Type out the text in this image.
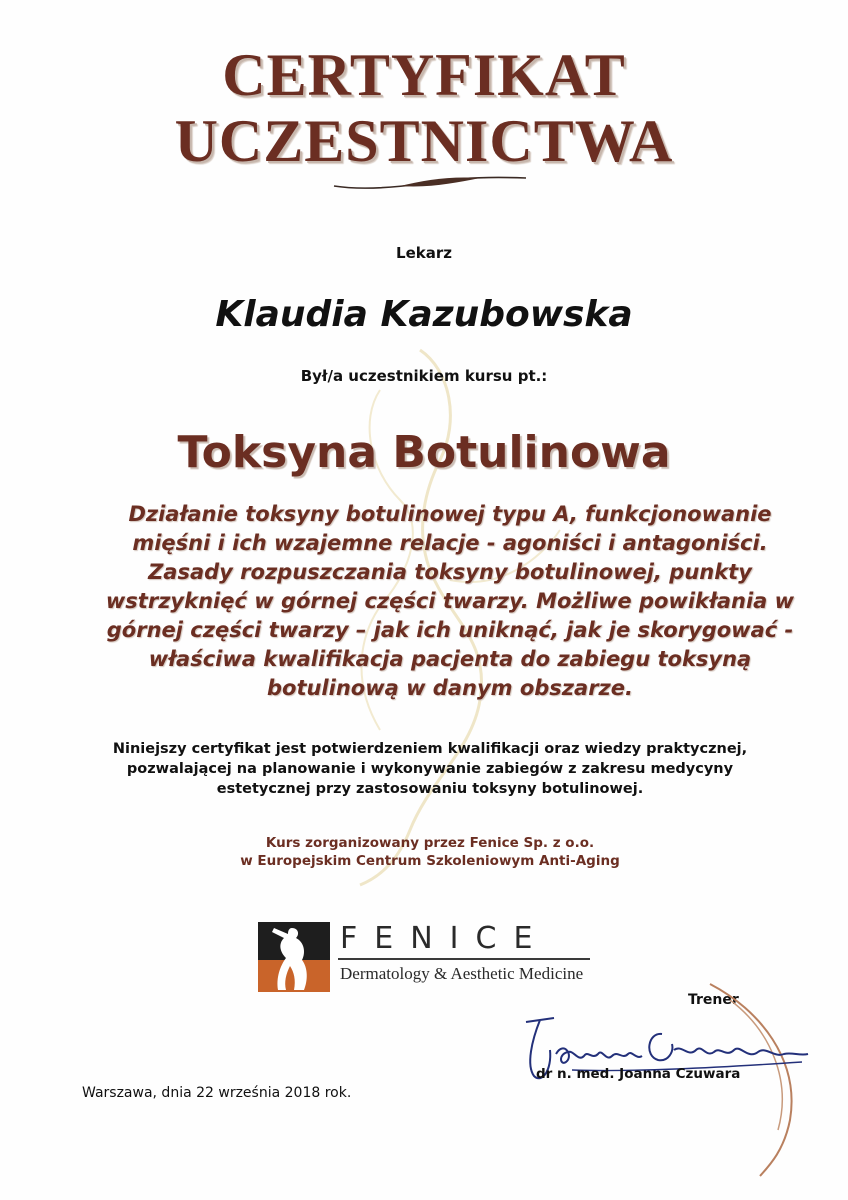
CERTYFIKAT
UCZESTNICTWA
Lekarz
Klaudia Kazubowska
Był/a uczestnikiem kursu pt.:
Toksyna Botulinowa
Działanie toksyny botulinowej typu A, funkcjonowanie mięśni i ich wzajemne relacje - agoniści i antagoniści. Zasady rozpuszczania toksyny botulinowej, punkty wstrzyknięć w górnej części twarzy. Możliwe powikłania w górnej części twarzy – jak ich uniknąć, jak je skorygować - właściwa kwalifikacja pacjenta do zabiegu toksyną botulinową w danym obszarze.
Niniejszy certyfikat jest potwierdzeniem kwalifikacji oraz wiedzy praktycznej, pozwalającej na planowanie i wykonywanie zabiegów z zakresu medycyny estetycznej przy zastosowaniu toksyny botulinowej.
Kurs zorganizowany przez Fenice Sp. z o.o.
w Europejskim Centrum Szkoleniowym Anti-Aging
FENICE
Dermatology & Aesthetic Medicine
Trener
dr n. med. Joanna Czuwara
Warszawa, dnia 22 września 2018 rok.
